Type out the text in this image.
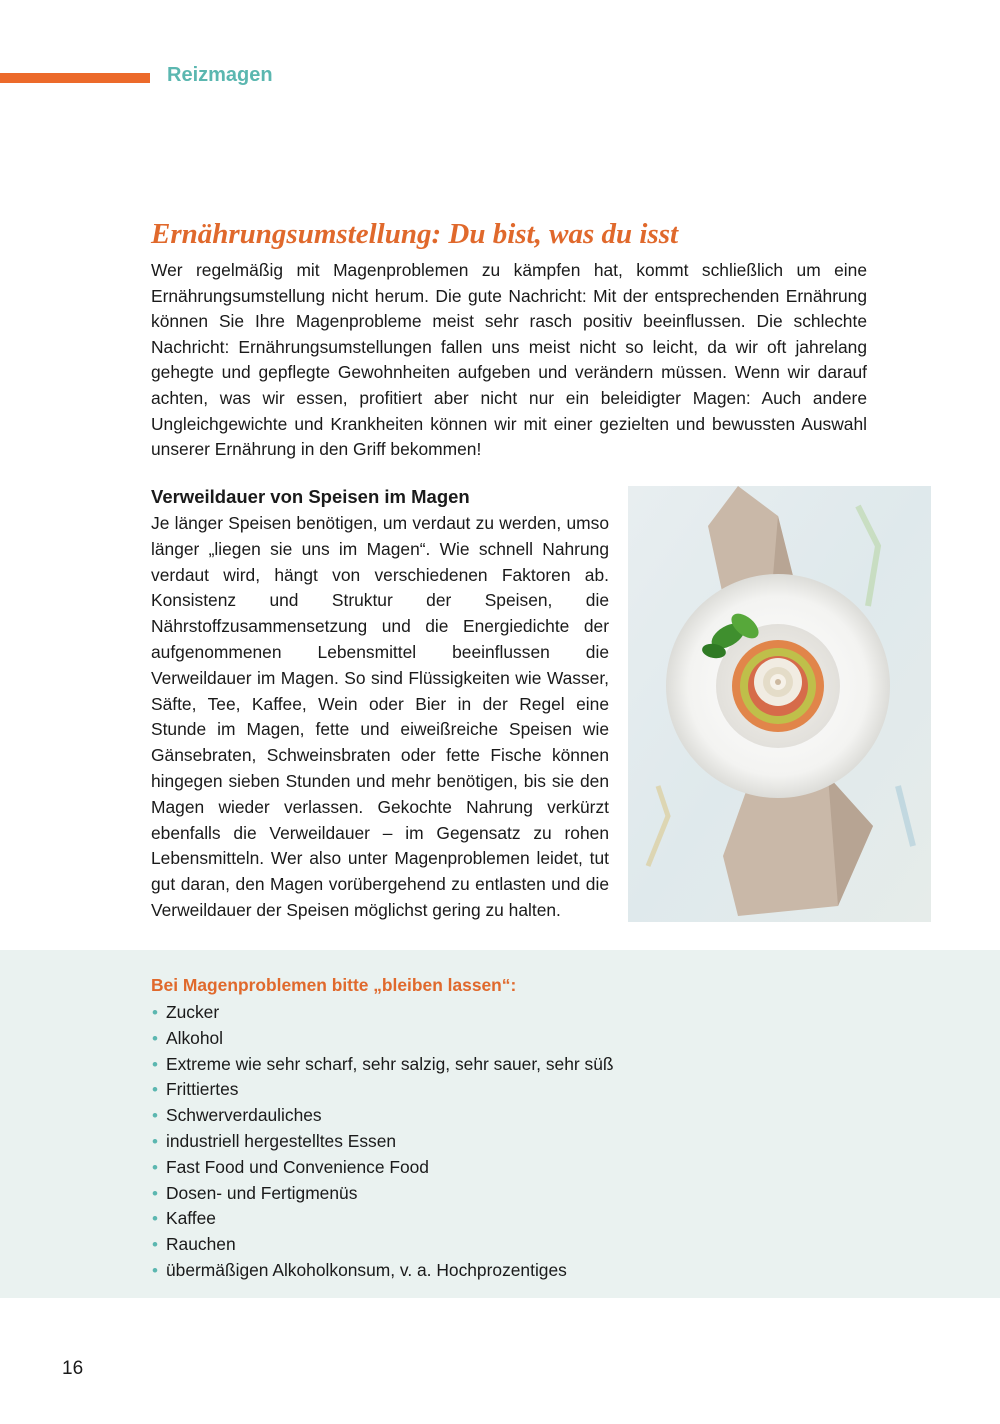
Reizmagen
Ernährungsumstellung: Du bist, was du isst

Wer regelmäßig mit Magenproblemen zu kämpfen hat, kommt schließlich um eine Ernährungsumstellung nicht herum. Die gute Nachricht: Mit der entsprechenden Ernährung können Sie Ihre Magenprobleme meist sehr rasch positiv beeinflussen. Die schlechte Nachricht: Ernährungsumstellungen fallen uns meist nicht so leicht, da wir oft jahrelang gehegte und gepflegte Gewohnheiten aufgeben und verändern müssen. Wenn wir darauf achten, was wir essen, profitiert aber nicht nur ein beleidigter Magen: Auch andere Ungleichgewichte und Krankheiten können wir mit einer gezielten und bewussten Auswahl unserer Ernährung in den Griff bekommen!

Verweildauer von Speisen im Magen

Je länger Speisen benötigen, um verdaut zu werden, umso länger „liegen sie uns im Magen“. Wie schnell Nahrung verdaut wird, hängt von verschiedenen Faktoren ab. Konsistenz und Struktur der Speisen, die Nährstoffzusammensetzung und die Energiedichte der aufgenommenen Lebensmittel beeinflussen die Verweildauer im Magen. So sind Flüssigkeiten wie Wasser, Säfte, Tee, Kaffee, Wein oder Bier in der Regel eine Stunde im Magen, fette und eiweißreiche Speisen wie Gänsebraten, Schweinsbraten oder fette Fische können hingegen sieben Stunden und mehr benötigen, bis sie den Magen wieder verlassen. Gekochte Nahrung verkürzt ebenfalls die Verweildauer – im Gegensatz zu rohen Lebensmitteln. Wer also unter Magenproblemen leidet, tut gut daran, den Magen vorübergehend zu entlasten und die Verweildauer der Speisen möglichst gering zu halten.

Bei Magenproblemen bitte „bleiben lassen“:
• Zucker
• Alkohol
• Extreme wie sehr scharf, sehr salzig, sehr sauer, sehr süß
• Frittiertes
• Schwerverdauliches
• industriell hergestelltes Essen
• Fast Food und Convenience Food
• Dosen- und Fertigmenüs
• Kaffee
• Rauchen
• übermäßigen Alkoholkonsum, v. a. Hochprozentiges
16
